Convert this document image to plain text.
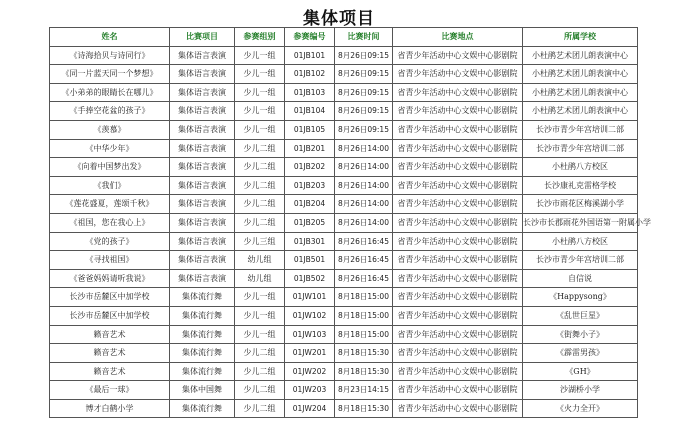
集体项目
姓名	比赛项目	参赛组别	参赛编号	比赛时间	比赛地点	所属学校
《诗海拾贝与诗同行》	集体语言表演	少儿一组	01JB101	8月26日09:15	省青少年活动中心文娱中心影剧院	小杜鹃艺术团儿朗表演中心
《同一片蓝天同一个梦想》	集体语言表演	少儿一组	01JB102	8月26日09:15	省青少年活动中心文娱中心影剧院	小杜鹃艺术团儿朗表演中心
《小弟弟的眼睛长在哪儿》	集体语言表演	少儿一组	01JB103	8月26日09:15	省青少年活动中心文娱中心影剧院	小杜鹃艺术团儿朗表演中心
《手捧空花盆的孩子》	集体语言表演	少儿一组	01JB104	8月26日09:15	省青少年活动中心文娱中心影剧院	小杜鹃艺术团儿朗表演中心
《羡慕》	集体语言表演	少儿一组	01JB105	8月26日09:15	省青少年活动中心文娱中心影剧院	长沙市青少年宫培训二部
《中华少年》	集体语言表演	少儿二组	01JB201	8月26日14:00	省青少年活动中心文娱中心影剧院	长沙市青少年宫培训二部
《向着中国梦出发》	集体语言表演	少儿二组	01JB202	8月26日14:00	省青少年活动中心文娱中心影剧院	小杜鹃八方校区
《我们》	集体语言表演	少儿二组	01JB203	8月26日14:00	省青少年活动中心文娱中心影剧院	长沙康礼克雷格学校
《莲花盛夏，莲颂千秋》	集体语言表演	少儿二组	01JB204	8月26日14:00	省青少年活动中心文娱中心影剧院	长沙市雨花区梅溪湖小学
《祖国，您在我心上》	集体语言表演	少儿二组	01JB205	8月26日14:00	省青少年活动中心文娱中心影剧院	长沙市长郡雨花外国语第一附属小学
《党的孩子》	集体语言表演	少儿三组	01JB301	8月26日16:45	省青少年活动中心文娱中心影剧院	小杜鹃八方校区
《寻找祖国》	集体语言表演	幼儿组	01JB501	8月26日16:45	省青少年活动中心文娱中心影剧院	长沙市青少年宫培训二部
《爸爸妈妈请听我说》	集体语言表演	幼儿组	01JB502	8月26日16:45	省青少年活动中心文娱中心影剧院	自信说
长沙市岳麓区中加学校	集体流行舞	少儿一组	01JW101	8月18日15:00	省青少年活动中心文娱中心影剧院	《Happysong》
长沙市岳麓区中加学校	集体流行舞	少儿一组	01JW102	8月18日15:00	省青少年活动中心文娱中心影剧院	《乱世巨星》
籁音艺术	集体流行舞	少儿一组	01JW103	8月18日15:00	省青少年活动中心文娱中心影剧院	《街舞小子》
籁音艺术	集体流行舞	少儿二组	01JW201	8月18日15:30	省青少年活动中心文娱中心影剧院	《霹雷男孩》
籁音艺术	集体流行舞	少儿二组	01JW202	8月18日15:30	省青少年活动中心文娱中心影剧院	《GH》
《最后一球》	集体中国舞	少儿二组	01JW203	8月23日14:15	省青少年活动中心文娱中心影剧院	沙湖桥小学
博才白鹤小学	集体流行舞	少儿二组	01JW204	8月18日15:30	省青少年活动中心文娱中心影剧院	《火力全开》
